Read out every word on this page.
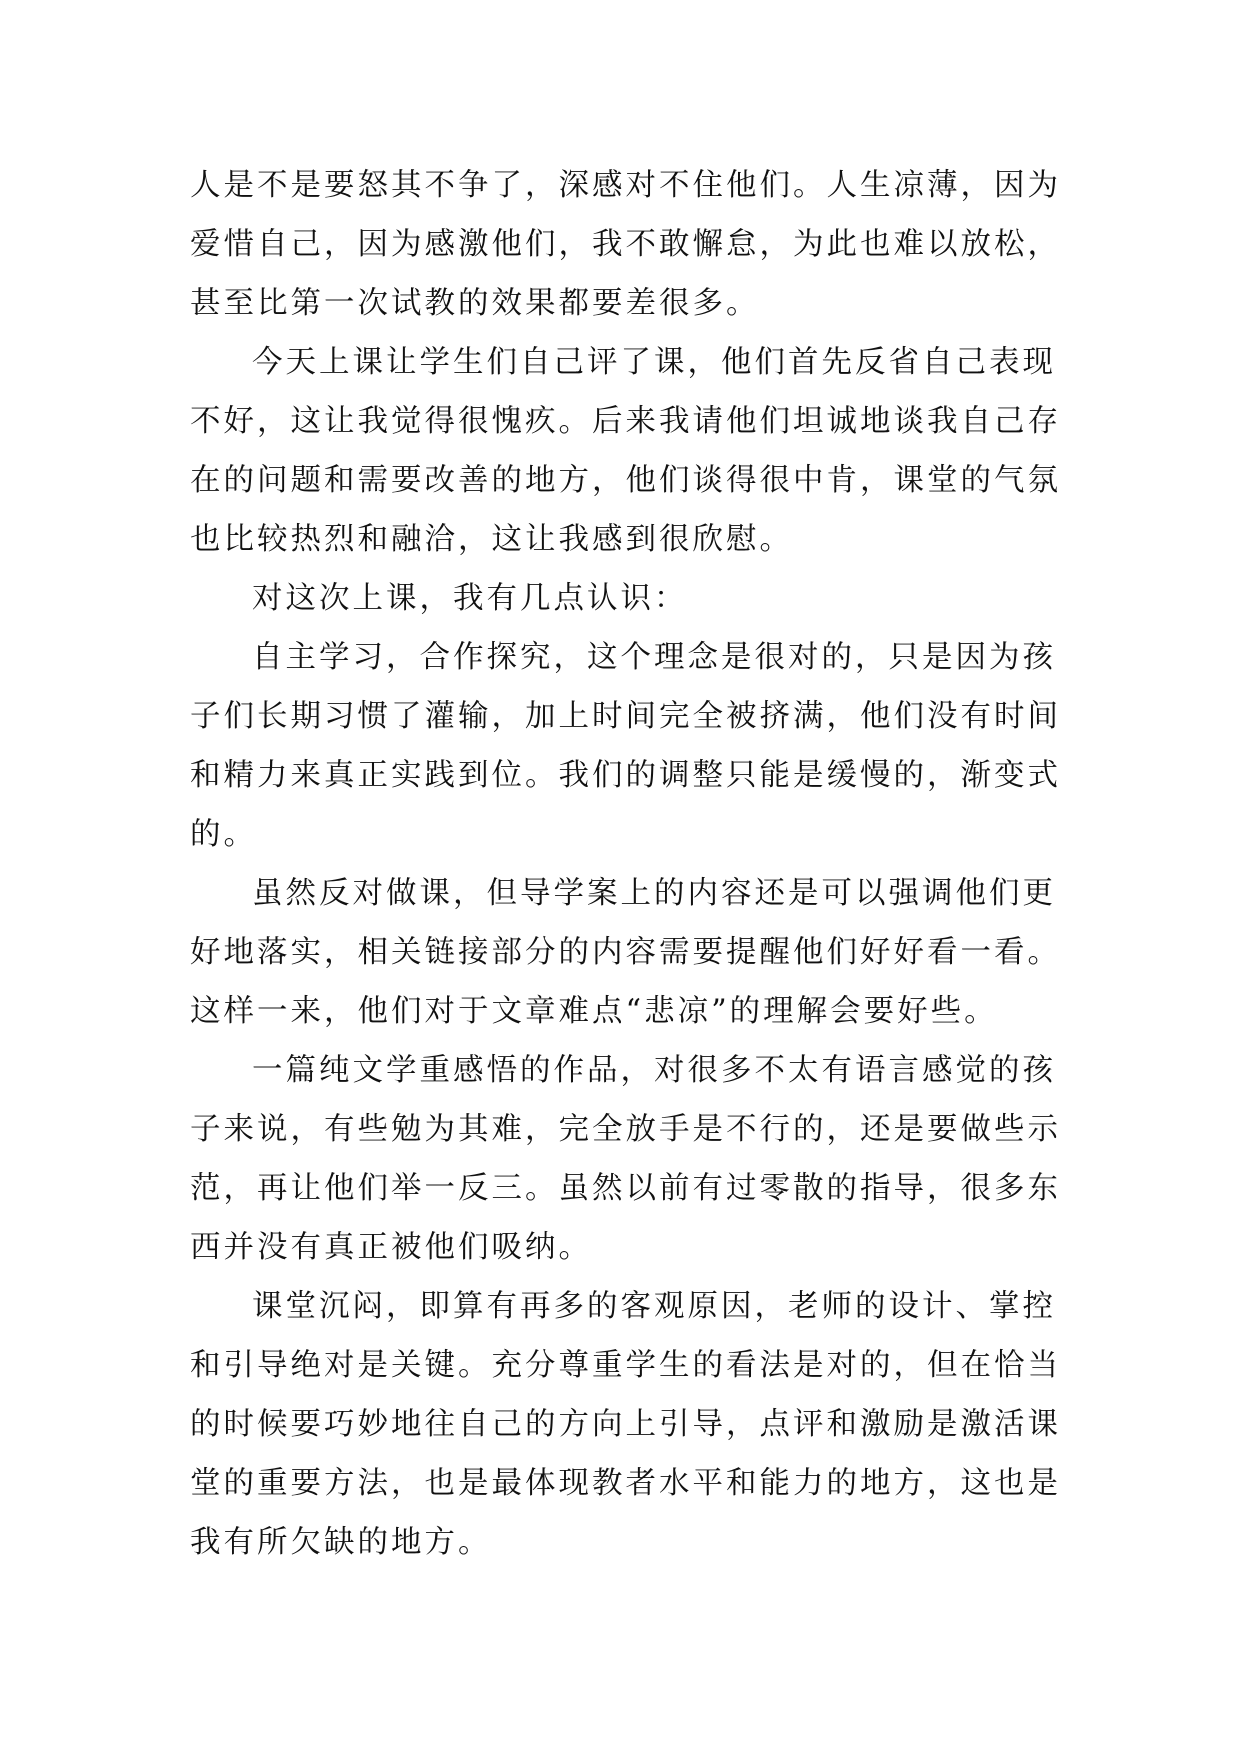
人是不是要怒其不争了，深感对不住他们。人生凉薄，因为
爱惜自己，因为感激他们，我不敢懈怠，为此也难以放松，
甚至比第一次试教的效果都要差很多。
今天上课让学生们自己评了课，他们首先反省自己表现
不好，这让我觉得很愧疚。后来我请他们坦诚地谈我自己存
在的问题和需要改善的地方，他们谈得很中肯，课堂的气氛
也比较热烈和融洽，这让我感到很欣慰。
对这次上课，我有几点认识：
自主学习，合作探究，这个理念是很对的，只是因为孩
子们长期习惯了灌输，加上时间完全被挤满，他们没有时间
和精力来真正实践到位。我们的调整只能是缓慢的，渐变式
的。
虽然反对做课，但导学案上的内容还是可以强调他们更
好地落实，相关链接部分的内容需要提醒他们好好看一看。
这样一来，他们对于文章难点“悲凉”的理解会要好些。
一篇纯文学重感悟的作品，对很多不太有语言感觉的孩
子来说，有些勉为其难，完全放手是不行的，还是要做些示
范，再让他们举一反三。虽然以前有过零散的指导，很多东
西并没有真正被他们吸纳。
课堂沉闷，即算有再多的客观原因，老师的设计、掌控
和引导绝对是关键。充分尊重学生的看法是对的，但在恰当
的时候要巧妙地往自己的方向上引导，点评和激励是激活课
堂的重要方法，也是最体现教者水平和能力的地方，这也是
我有所欠缺的地方。
